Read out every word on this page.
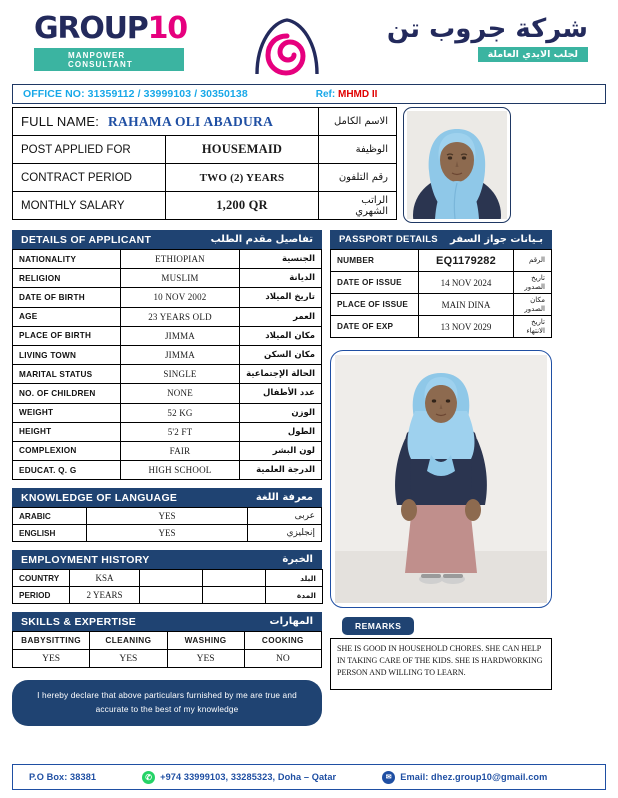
GROUP10
MANPOWER CONSULTANT
شركة جروب تن
لجلب الايدي العاملة
OFFICE NO: 31359112 / 33999103 / 30350138	Ref: MHMD II
FULL NAME: RAHAMA OLI ABADURA		الاسم الكامل
POST APPLIED FOR	HOUSEMAID	الوظيفة
CONTRACT PERIOD	TWO (2) YEARS	رقم التلفون
MONTHLY SALARY	1,200 QR	الراتب الشهري
DETAILS OF APPLICANT	تفاصيل مقدم الطلب
NATIONALITY	ETHIOPIAN	الجنسية
RELIGION	MUSLIM	الديانة
DATE OF BIRTH	10 NOV 2002	تاريخ الميلاد
AGE	23 YEARS OLD	العمر
PLACE OF BIRTH	JIMMA	مكان الميلاد
LIVING TOWN	JIMMA	مكان السكن
MARITAL STATUS	SINGLE	الحالة الإجتماعية
NO. OF CHILDREN	NONE	عدد الأطفال
WEIGHT	52 KG	الوزن
HEIGHT	5'2 FT	الطول
COMPLEXION	FAIR	لون البشر
EDUCAT. Q. G	HIGH SCHOOL	الدرجة العلمية
KNOWLEDGE OF LANGUAGE	معرفة اللغة
ARABIC	YES	عربى
ENGLISH	YES	إنجليزي
EMPLOYMENT HISTORY	الخبرة
COUNTRY	KSA			البلد
PERIOD	2 YEARS			المدة
SKILLS & EXPERTISE	المهارات
BABYSITTING	CLEANING	WASHING	COOKING
YES	YES	YES	NO
I hereby declare that above particulars furnished by me are true and accurate to the best of my knowledge
PASSPORT DETAILS بـيانات جواز السفر
NUMBER	EQ1179282	الرقم
DATE OF ISSUE	14 NOV 2024	تاريخ الصدور
PLACE OF ISSUE	MAIN DINA	مكان الصدور
DATE OF EXP	13 NOV 2029	تاريخ الانتهاء
REMARKS
SHE IS GOOD IN HOUSEHOLD CHORES. SHE CAN HELP IN TAKING CARE OF THE KIDS. SHE IS HARDWORKING PERSON AND WILLING TO LEARN.
P.O Box: 38381	✆ +974 33999103, 33285323, Doha – Qatar	✉ Email: dhez.group10@gmail.com
